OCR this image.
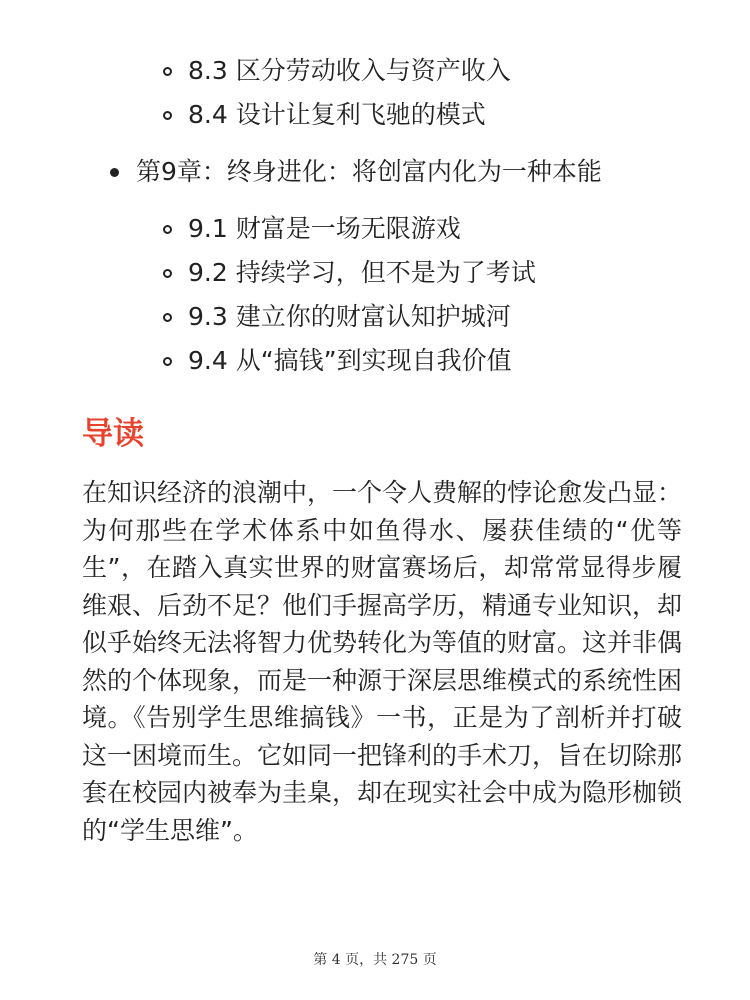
8.3 区分劳动收入与资产收入
8.4 设计让复利飞驰的模式
第9章：终身进化：将创富内化为一种本能
9.1 财富是一场无限游戏
9.2 持续学习，但不是为了考试
9.3 建立你的财富认知护城河
9.4 从“搞钱”到实现自我价值
导读

在知识经济的浪潮中，一个令人费解的悖论愈发凸显：为何那些在学术体系中如鱼得水、屡获佳绩的“优等生”，在踏入真实世界的财富赛场后，却常常显得步履维艰、后劲不足？他们手握高学历，精通专业知识，却似乎始终无法将智力优势转化为等值的财富。这并非偶然的个体现象，而是一种源于深层思维模式的系统性困境。《告别学生思维搞钱》一书，正是为了剖析并打破这一困境而生。它如同一把锋利的手术刀，旨在切除那套在校园内被奉为圭臬，却在现实社会中成为隐形枷锁的“学生思维”。

第 4 页，共 275 页
